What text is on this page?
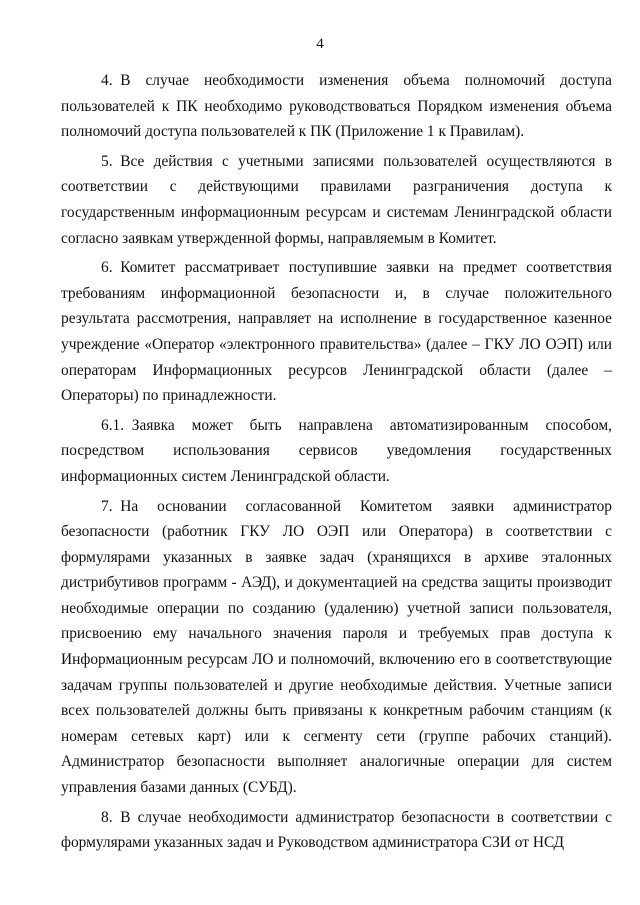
4

4. В случае необходимости изменения объема полномочий доступа пользователей к ПК необходимо руководствоваться Порядком изменения объема полномочий доступа пользователей к ПК (Приложение 1 к Правилам).

5. Все действия с учетными записями пользователей осуществляются в соответствии с действующими правилами разграничения доступа к государственным информационным ресурсам и системам Ленинградской области согласно заявкам утвержденной формы, направляемым в Комитет.

6. Комитет рассматривает поступившие заявки на предмет соответствия требованиям информационной безопасности и, в случае положительного результата рассмотрения, направляет на исполнение в государственное казенное учреждение «Оператор «электронного правительства» (далее – ГКУ ЛО ОЭП) или операторам Информационных ресурсов Ленинградской области (далее – Операторы) по принадлежности.

6.1. Заявка может быть направлена автоматизированным способом, посредством использования сервисов уведомления государственных информационных систем Ленинградской области.

7. На основании согласованной Комитетом заявки администратор безопасности (работник ГКУ ЛО ОЭП или Оператора) в соответствии с формулярами указанных в заявке задач (хранящихся в архиве эталонных дистрибутивов программ - АЭД), и документацией на средства защиты производит необходимые операции по созданию (удалению) учетной записи пользователя, присвоению ему начального значения пароля и требуемых прав доступа к Информационным ресурсам ЛО и полномочий, включению его в соответствующие задачам группы пользователей и другие необходимые действия. Учетные записи всех пользователей должны быть привязаны к конкретным рабочим станциям (к номерам сетевых карт) или к сегменту сети (группе рабочих станций). Администратор безопасности выполняет аналогичные операции для систем управления базами данных (СУБД).

8. В случае необходимости администратор безопасности в соответствии с формулярами указанных задач и Руководством администратора СЗИ от НСД
